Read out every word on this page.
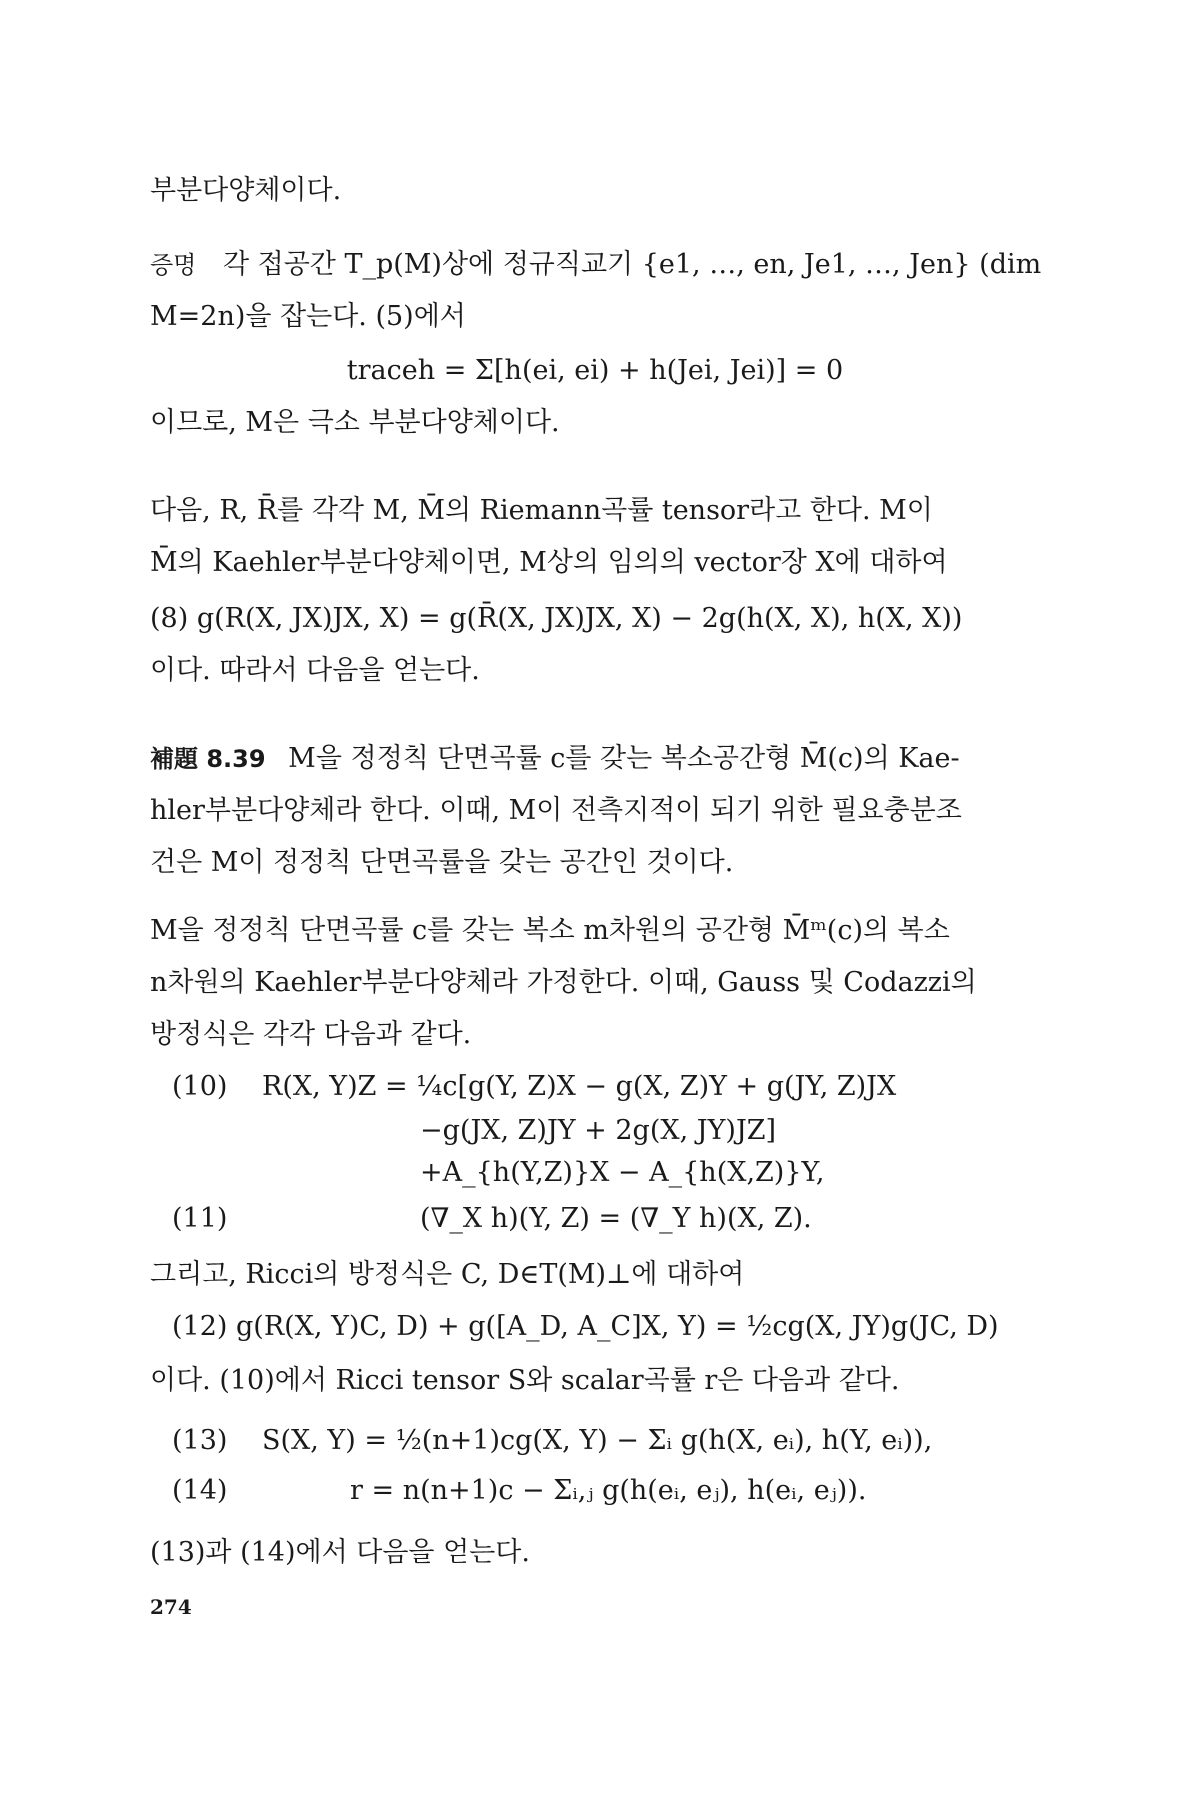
부분다양체이다.
증명 각 접공간 T_p(M)상에 정규직교기 {e1, …, en, Je1, …, Jen} (dim
M=2n)을 잡는다. (5)에서
traceh = Σ[h(ei, ei) + h(Jei, Jei)] = 0
이므로, M은 극소 부분다양체이다.
다음, R, R̄를 각각 M, M̄의 Riemann곡률 tensor라고 한다. M이
M̄의 Kaehler부분다양체이면, M상의 임의의 vector장 X에 대하여
(8) g(R(X, JX)JX, X) = g(R̄(X, JX)JX, X) − 2g(h(X, X), h(X, X))
이다. 따라서 다음을 얻는다.
補題 8.39 M을 정정칙 단면곡률 c를 갖는 복소공간형 M̄(c)의 Kae-
hler부분다양체라 한다. 이때, M이 전측지적이 되기 위한 필요충분조
건은 M이 정정칙 단면곡률을 갖는 공간인 것이다.
M을 정정칙 단면곡률 c를 갖는 복소 m차원의 공간형 M̄ᵐ(c)의 복소
n차원의 Kaehler부분다양체라 가정한다. 이때, Gauss 및 Codazzi의
방정식은 각각 다음과 같다.
(10) R(X, Y)Z = ¼c[g(Y, Z)X − g(X, Z)Y + g(JY, Z)JX
−g(JX, Z)JY + 2g(X, JY)JZ]
+A_{h(Y,Z)}X − A_{h(X,Z)}Y,
(11)	(∇_X h)(Y, Z) = (∇_Y h)(X, Z).
그리고, Ricci의 방정식은 C, D∈T(M)⊥에 대하여
(12) g(R(X, Y)C, D) + g([A_D, A_C]X, Y) = ½cg(X, JY)g(JC, D)
이다. (10)에서 Ricci tensor S와 scalar곡률 r은 다음과 같다.
(13) S(X, Y) = ½(n+1)cg(X, Y) − Σᵢ g(h(X, eᵢ), h(Y, eᵢ)),
(14)	r = n(n+1)c − Σᵢ,ⱼ g(h(eᵢ, eⱼ), h(eᵢ, eⱼ)).
(13)과 (14)에서 다음을 얻는다.
274
